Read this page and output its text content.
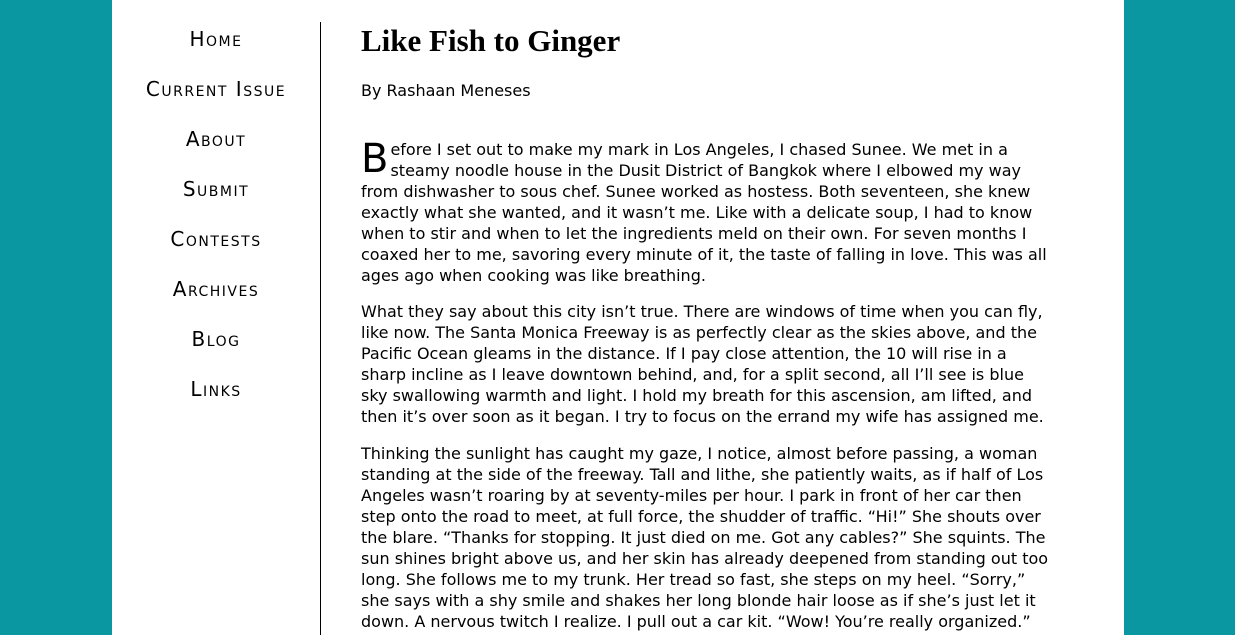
Home
Current Issue
About
Submit
Contests
Archives
Blog
Links
Like Fish to Ginger
By Rashaan Meneses

B efore I set out to make my mark in Los Angeles, I chased Sunee. We met in a
steamy noodle house in the Dusit District of Bangkok where I elbowed my way
from dishwasher to sous chef. Sunee worked as hostess. Both seventeen, she knew
exactly what she wanted, and it wasn’t me. Like with a delicate soup, I had to know
when to stir and when to let the ingredients meld on their own. For seven months I
coaxed her to me, savoring every minute of it, the taste of falling in love. This was all
ages ago when cooking was like breathing.

What they say about this city isn’t true. There are windows of time when you can fly,
like now. The Santa Monica Freeway is as perfectly clear as the skies above, and the
Pacific Ocean gleams in the distance. If I pay close attention, the 10 will rise in a
sharp incline as I leave downtown behind, and, for a split second, all I’ll see is blue
sky swallowing warmth and light. I hold my breath for this ascension, am lifted, and
then it’s over soon as it began. I try to focus on the errand my wife has assigned me.

Thinking the sunlight has caught my gaze, I notice, almost before passing, a woman
standing at the side of the freeway. Tall and lithe, she patiently waits, as if half of Los
Angeles wasn’t roaring by at seventy-miles per hour. I park in front of her car then
step onto the road to meet, at full force, the shudder of traffic. “Hi!” She shouts over
the blare. “Thanks for stopping. It just died on me. Got any cables?” She squints. The
sun shines bright above us, and her skin has already deepened from standing out too
long. She follows me to my trunk. Her tread so fast, she steps on my heel. “Sorry,”
she says with a shy smile and shakes her long blonde hair loose as if she’s just let it
down. A nervous twitch I realize. I pull out a car kit. “Wow! You’re really organized.”
